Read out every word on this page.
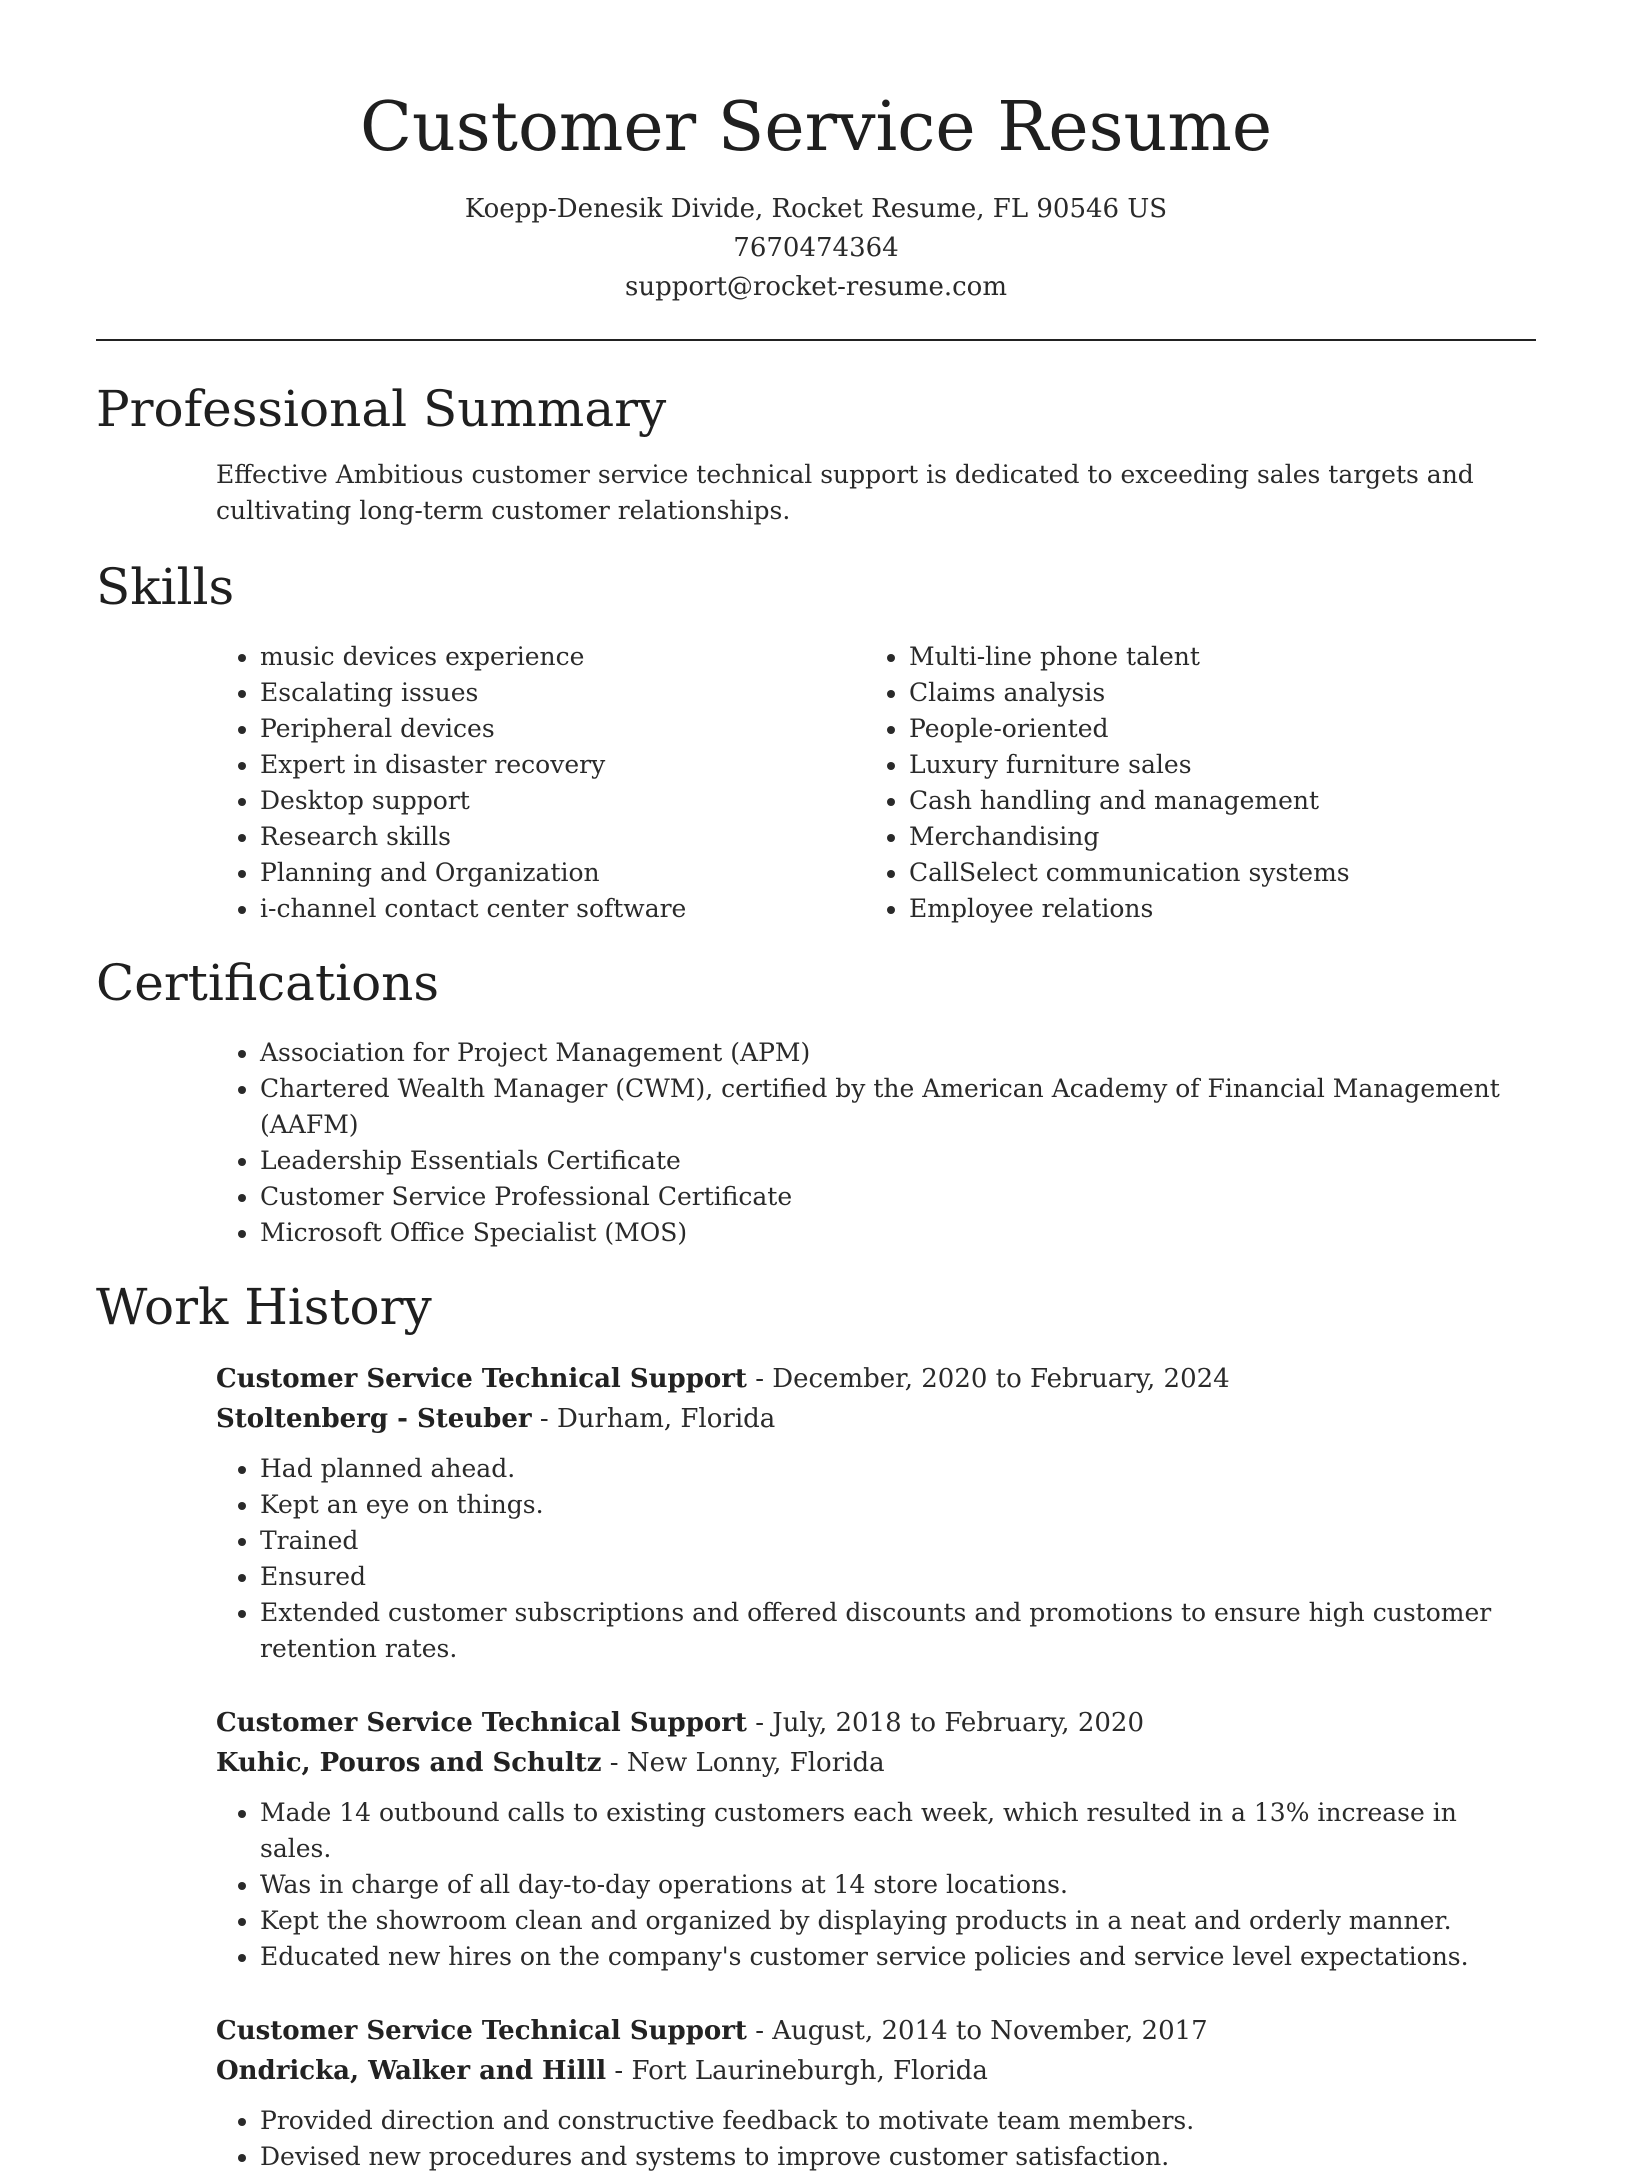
Customer Service Resume
Koepp-Denesik Divide, Rocket Resume, FL 90546 US
7670474364
support@rocket-resume.com
Professional Summary

Effective Ambitious customer service technical support is dedicated to exceeding sales targets and cultivating long-term customer relationships.

Skills
• music devices experience
• Escalating issues
• Peripheral devices
• Expert in disaster recovery
• Desktop support
• Research skills
• Planning and Organization
• i-channel contact center software
• Multi-line phone talent
• Claims analysis
• People-oriented
• Luxury furniture sales
• Cash handling and management
• Merchandising
• CallSelect communication systems
• Employee relations
Certifications
• Association for Project Management (APM)
• Chartered Wealth Manager (CWM), certified by the American Academy of Financial Management (AAFM)
• Leadership Essentials Certificate
• Customer Service Professional Certificate
• Microsoft Office Specialist (MOS)
Work History
Customer Service Technical Support - December, 2020 to February, 2024
Stoltenberg - Steuber - Durham, Florida
• Had planned ahead.
• Kept an eye on things.
• Trained
• Ensured
• Extended customer subscriptions and offered discounts and promotions to ensure high customer retention rates.
Customer Service Technical Support - July, 2018 to February, 2020
Kuhic, Pouros and Schultz - New Lonny, Florida
• Made 14 outbound calls to existing customers each week, which resulted in a 13% increase in sales.
• Was in charge of all day-to-day operations at 14 store locations.
• Kept the showroom clean and organized by displaying products in a neat and orderly manner.
• Educated new hires on the company's customer service policies and service level expectations.
Customer Service Technical Support - August, 2014 to November, 2017
Ondricka, Walker and Hilll - Fort Laurineburgh, Florida
• Provided direction and constructive feedback to motivate team members.
• Devised new procedures and systems to improve customer satisfaction.
